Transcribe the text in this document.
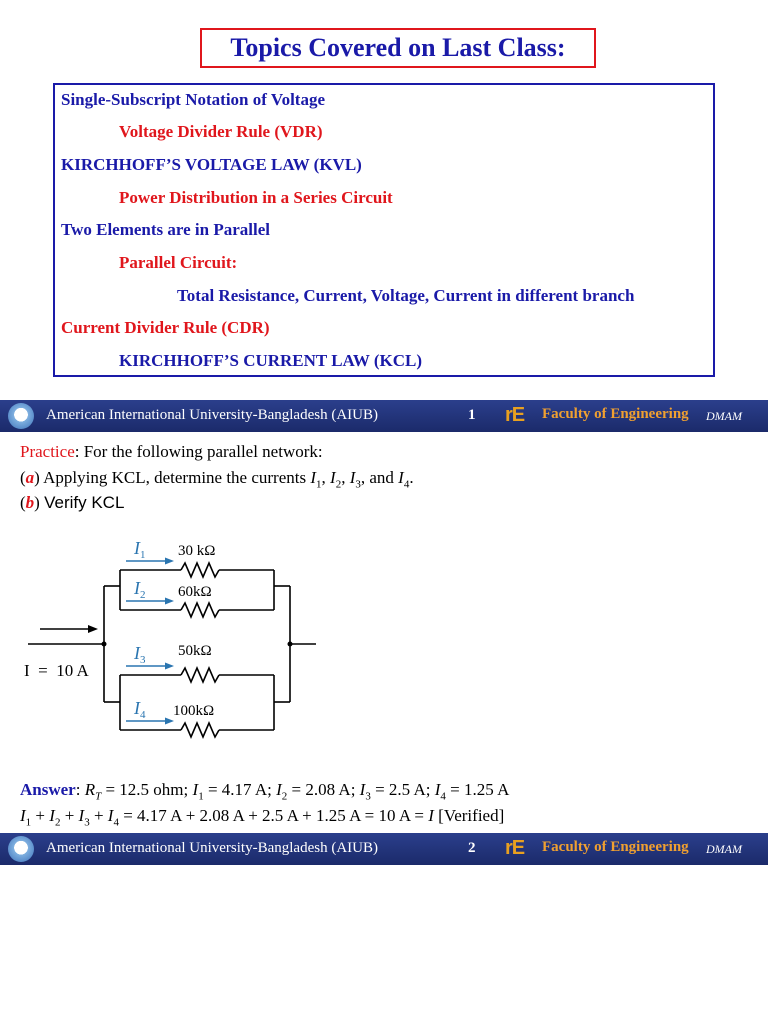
Topics Covered on Last Class:
Single-Subscript Notation of Voltage
Voltage Divider Rule (VDR)
KIRCHHOFF’S VOLTAGE LAW (KVL)
Power Distribution in a Series Circuit
Two Elements are in Parallel
Parallel Circuit:
Total Resistance, Current, Voltage, Current in different branch
Current Divider Rule (CDR)
KIRCHHOFF’S CURRENT LAW (KCL)
American International University-Bangladesh (AIUB)	1 rE Faculty of Engineering DMAM
Practice: For the following parallel network:
(a) Applying KCL, determine the currents $I_1$, $I_2$, $I_3$, and $I_4$.
(b) Verify KCL
$I_1$
$I_2$
$I_3$
$I_4$
30 kΩ
60kΩ
50kΩ
100kΩ
I  =  10 A
Answer: $R_T = 12.5$ ohm; $I_1 = 4.17$ A; $I_2 = 2.08$ A; $I_3 = 2.5$ A; $I_4 = 1.25$ A
$I_1 + I_2 + I_3 + I_4 = 4.17$ A + 2.08 A + 2.5 A + 1.25 A = 10 A = I [Verified]
American International University-Bangladesh (AIUB)	2 rE Faculty of Engineering DMAM
